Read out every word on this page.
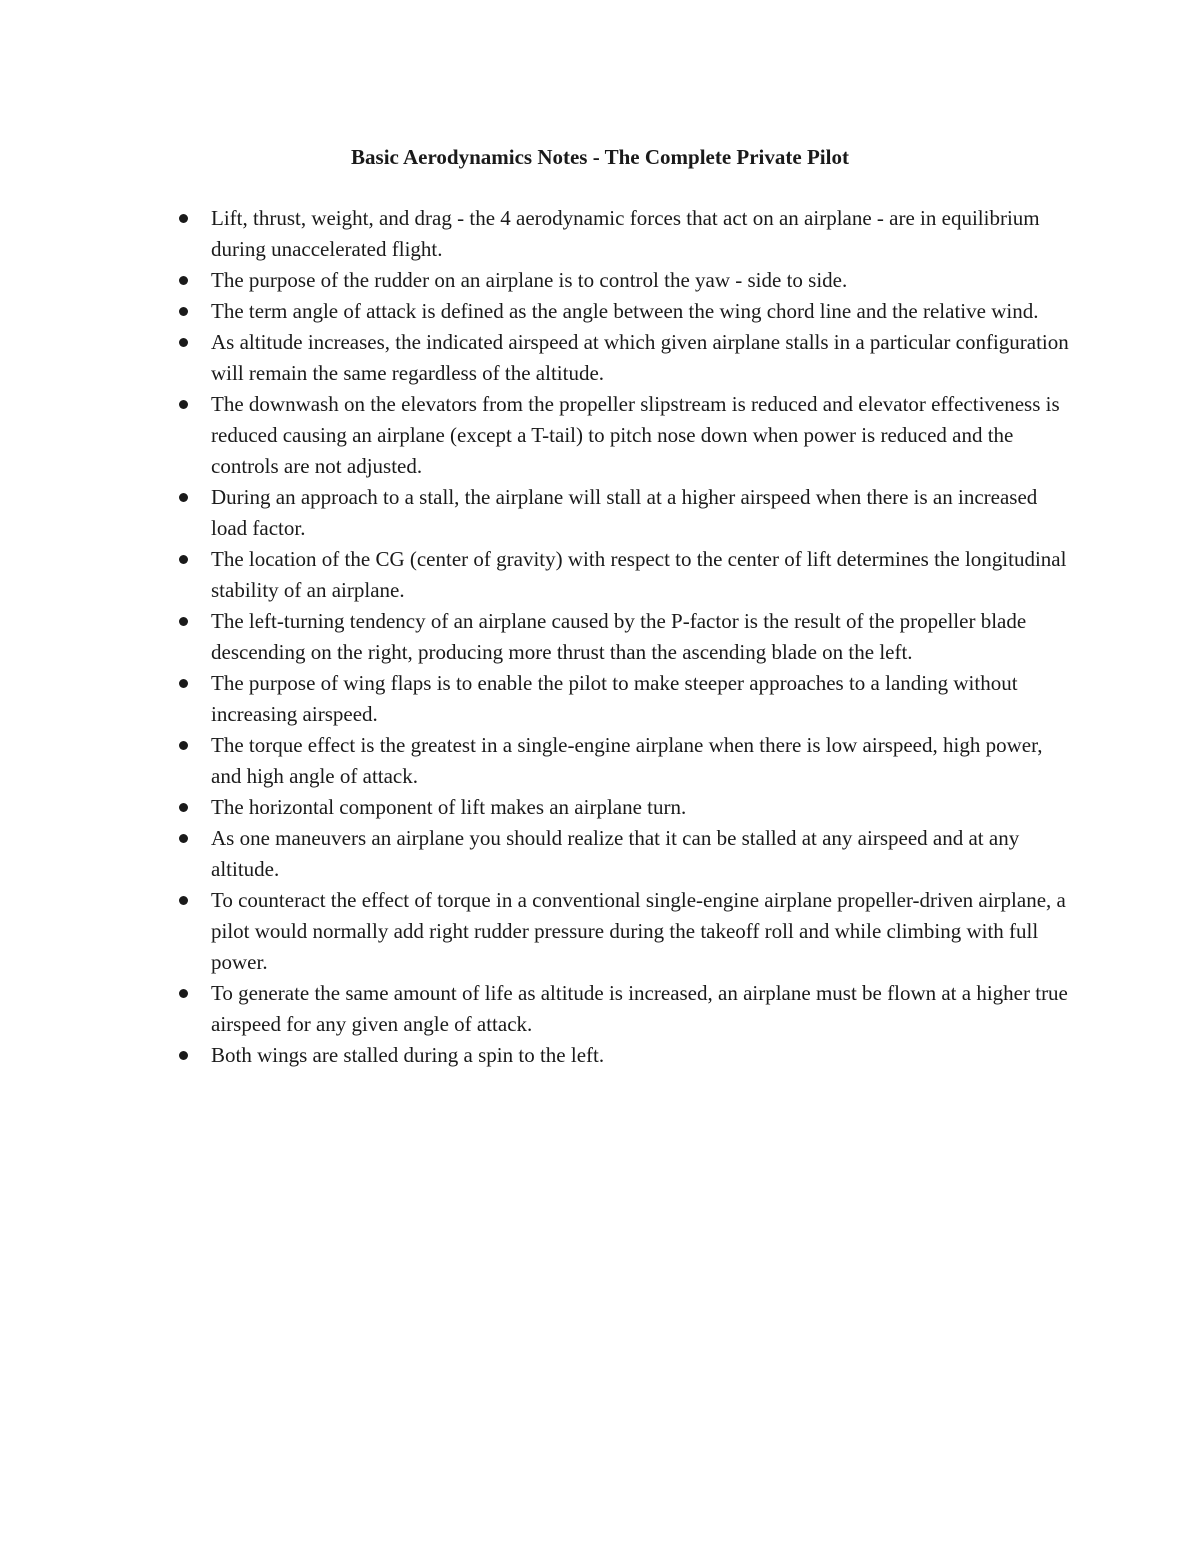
Basic Aerodynamics Notes - The Complete Private Pilot
Lift, thrust, weight, and drag - the 4 aerodynamic forces that act on an airplane - are in equilibrium during unaccelerated flight.
The purpose of the rudder on an airplane is to control the yaw - side to side.
The term angle of attack is defined as the angle between the wing chord line and the relative wind.
As altitude increases, the indicated airspeed at which given airplane stalls in a particular configuration will remain the same regardless of the altitude.
The downwash on the elevators from the propeller slipstream is reduced and elevator effectiveness is reduced causing an airplane (except a T-tail) to pitch nose down when power is reduced and the controls are not adjusted.
During an approach to a stall, the airplane will stall at a higher airspeed when there is an increased load factor.
The location of the CG (center of gravity) with respect to the center of lift determines the longitudinal stability of an airplane.
The left-turning tendency of an airplane caused by the P-factor is the result of the propeller blade descending on the right, producing more thrust than the ascending blade on the left.
The purpose of wing flaps is to enable the pilot to make steeper approaches to a landing without increasing airspeed.
The torque effect is the greatest in a single-engine airplane when there is low airspeed, high power, and high angle of attack.
The horizontal component of lift makes an airplane turn.
As one maneuvers an airplane you should realize that it can be stalled at any airspeed and at any altitude.
To counteract the effect of torque in a conventional single-engine airplane propeller-driven airplane, a pilot would normally add right rudder pressure during the takeoff roll and while climbing with full power.
To generate the same amount of life as altitude is increased, an airplane must be flown at a higher true airspeed for any given angle of attack.
Both wings are stalled during a spin to the left.
